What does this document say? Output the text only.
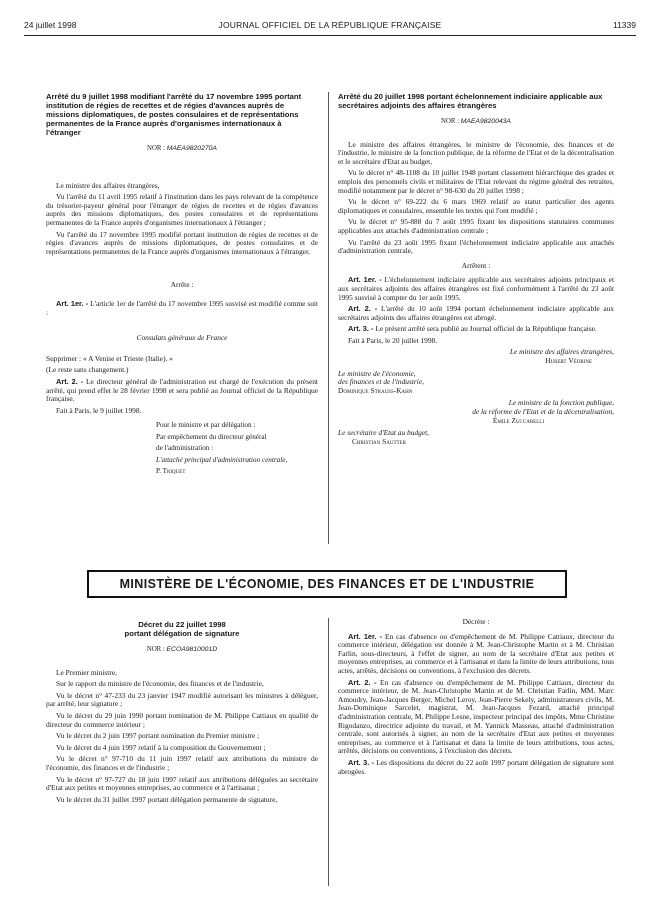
24 juillet 1998	JOURNAL OFFICIEL DE LA RÉPUBLIQUE FRANÇAISE	11339
Arrêté du 9 juillet 1998 modifiant l'arrêté du 17 novembre 1995 portant institution de régies de recettes et de régies d'avances auprès de missions diplomatiques, de postes consulaires et de représentations permanentes de la France auprès d'organismes internationaux à l'étranger
NOR : MAEA9820270A

Le ministre des affaires étrangères,

Vu l'arrêté du 11 avril 1995 relatif à l'institution dans les pays relevant de la compétence du trésorier-payeur général pour l'étranger de régies de recettes et de régies d'avances auprès des missions diplomatiques, des postes consulaires et de représentations permanentes de la France auprès d'organismes internationaux à l'étranger ;

Vu l'arrêté du 17 novembre 1995 modifié portant institution de régies de recettes et de régies d'avances auprès de missions diplomatiques, de postes consulaires et de représentations permanentes de la France auprès d'organismes internationaux à l'étranger.

Arrête :

Art. 1er. - L'article 1er de l'arrêté du 17 novembre 1995 susvisé est modifié comme suit :

Consulats généraux de France

Supprimer : « A Venise et Trieste (Italie). »

(Le reste sans changement.)

Art. 2. - Le directeur général de l'administration est chargé de l'exécution du présent arrêté, qui prend effet le 28 février 1998 et sera publié au Journal officiel de la République française.

Fait à Paris, le 9 juillet 1998.

Pour le ministre et par délégation :

Par empêchement du directeur général

de l'administration :

L'attaché principal d'administration centrale,

P. Triquet

Arrêté du 20 juillet 1998 portant échelonnement indiciaire applicable aux secrétaires adjoints des affaires étrangères
NOR : MAEA9820043A

Le ministre des affaires étrangères, le ministre de l'économie, des finances et de l'industrie, le ministre de la fonction publique, de la réforme de l'Etat et de la décentralisation et le secrétaire d'Etat au budget,

Vu le décret n° 48-1108 du 10 juillet 1948 portant classement hiérarchique des grades et emplois des personnels civils et militaires de l'Etat relevant du régime général des retraites, modifié notamment par le décret n° 98-630 du 20 juillet 1998 ;

Vu le décret n° 69-222 du 6 mars 1969 relatif au statut particulier des agents diplomatiques et consulaires, ensemble les textes qui l'ont modifié ;

Vu le décret n° 95-888 du 7 août 1995 fixant les dispositions statutaires communes applicables aux attachés d'administration centrale ;

Vu l'arrêté du 23 août 1995 fixant l'échelonnement indiciaire applicable aux attachés d'administration centrale,

Arrêtent :

Art. 1er. - L'échelonnement indiciaire applicable aux secrétaires adjoints principaux et aux secrétaires adjoints des affaires étrangères est fixé conformément à l'arrêté du 23 août 1995 susvisé à compter du 1er août 1995.

Art. 2. - L'arrêté du 10 août 1994 portant échelonnement indiciaire applicable aux secrétaires adjoints des affaires étrangères est abrogé.

Art. 3. - Le présent arrêté sera publié au Journal officiel de la République française.

Fait à Paris, le 20 juillet 1998.

Le ministre des affaires étrangères,
Hubert Védrine
Le ministre de l'économie,
des finances et de l'industrie,
Dominique Strauss-Kahn
Le ministre de la fonction publique,
de la réforme de l'Etat et de la décentralisation,
Émile Zuccarelli
Le secrétaire d'Etat au budget,
Christian Sautter
MINISTÈRE DE L'ÉCONOMIE, DES FINANCES ET DE L'INDUSTRIE
Décret du 22 juillet 1998
portant délégation de signature
NOR : ECOA9810001D

Le Premier ministre,

Sur le rapport du ministre de l'économie, des finances et de l'industrie,

Vu le décret n° 47-233 du 23 janvier 1947 modifié autorisant les ministres à déléguer, par arrêté, leur signature ;

Vu le décret du 29 juin 1990 portant nomination de M. Philippe Cattiaux en qualité de directeur du commerce intérieur ;

Vu le décret du 2 juin 1997 portant nomination du Premier ministre ;

Vu le décret du 4 juin 1997 relatif à la composition du Gouvernement ;

Vu le décret n° 97-710 du 11 juin 1997 relatif aux attributions du ministre de l'économie, des finances et de l'industrie ;

Vu le décret n° 97-727 du 18 juin 1997 relatif aux attributions déléguées au secrétaire d'Etat aux petites et moyennes entreprises, au commerce et à l'artisanat ;

Vu le décret du 31 juillet 1997 portant délégation permanente de signature,

Décrète :

Art. 1er. - En cas d'absence ou d'empêchement de M. Philippe Cattiaux, directeur du commerce intérieur, délégation est donnée à M. Jean-Christophe Martin et à M. Christian Farlin, sous-directeurs, à l'effet de signer, au nom de la secrétaire d'Etat aux petites et moyennes entreprises, au commerce et à l'artisanat et dans la limite de leurs attributions, tous actes, arrêtés, décisions ou conventions, à l'exclusion des décrets.

Art. 2. - En cas d'absence ou d'empêchement de M. Philippe Cattiaux, directeur du commerce intérieur, de M. Jean-Christophe Martin et de M. Christian Farlin, MM. Marc Amoudry, Jean-Jacques Berger, Michel Leroy, Jean-Pierre Sekely, administrateurs civils, M. Jean-Dominique Sarcelet, magistrat, M. Jean-Jacques Fezard, attaché principal d'administration centrale, M. Philippe Lesne, inspecteur principal des impôts, Mme Christine Rigodanzo, directrice adjointe du travail, et M. Yannick Masseau, attaché d'administration centrale, sont autorisés à signer, au nom de la secrétaire d'Etat aux petites et moyennes entreprises, au commerce et à l'artisanat et dans la limite de leurs attributions, tous actes, arrêtés, décisions ou conventions, à l'exclusion des décrets.

Art. 3. - Les dispositions du décret du 22 août 1997 portant délégation de signature sont abrogées.
